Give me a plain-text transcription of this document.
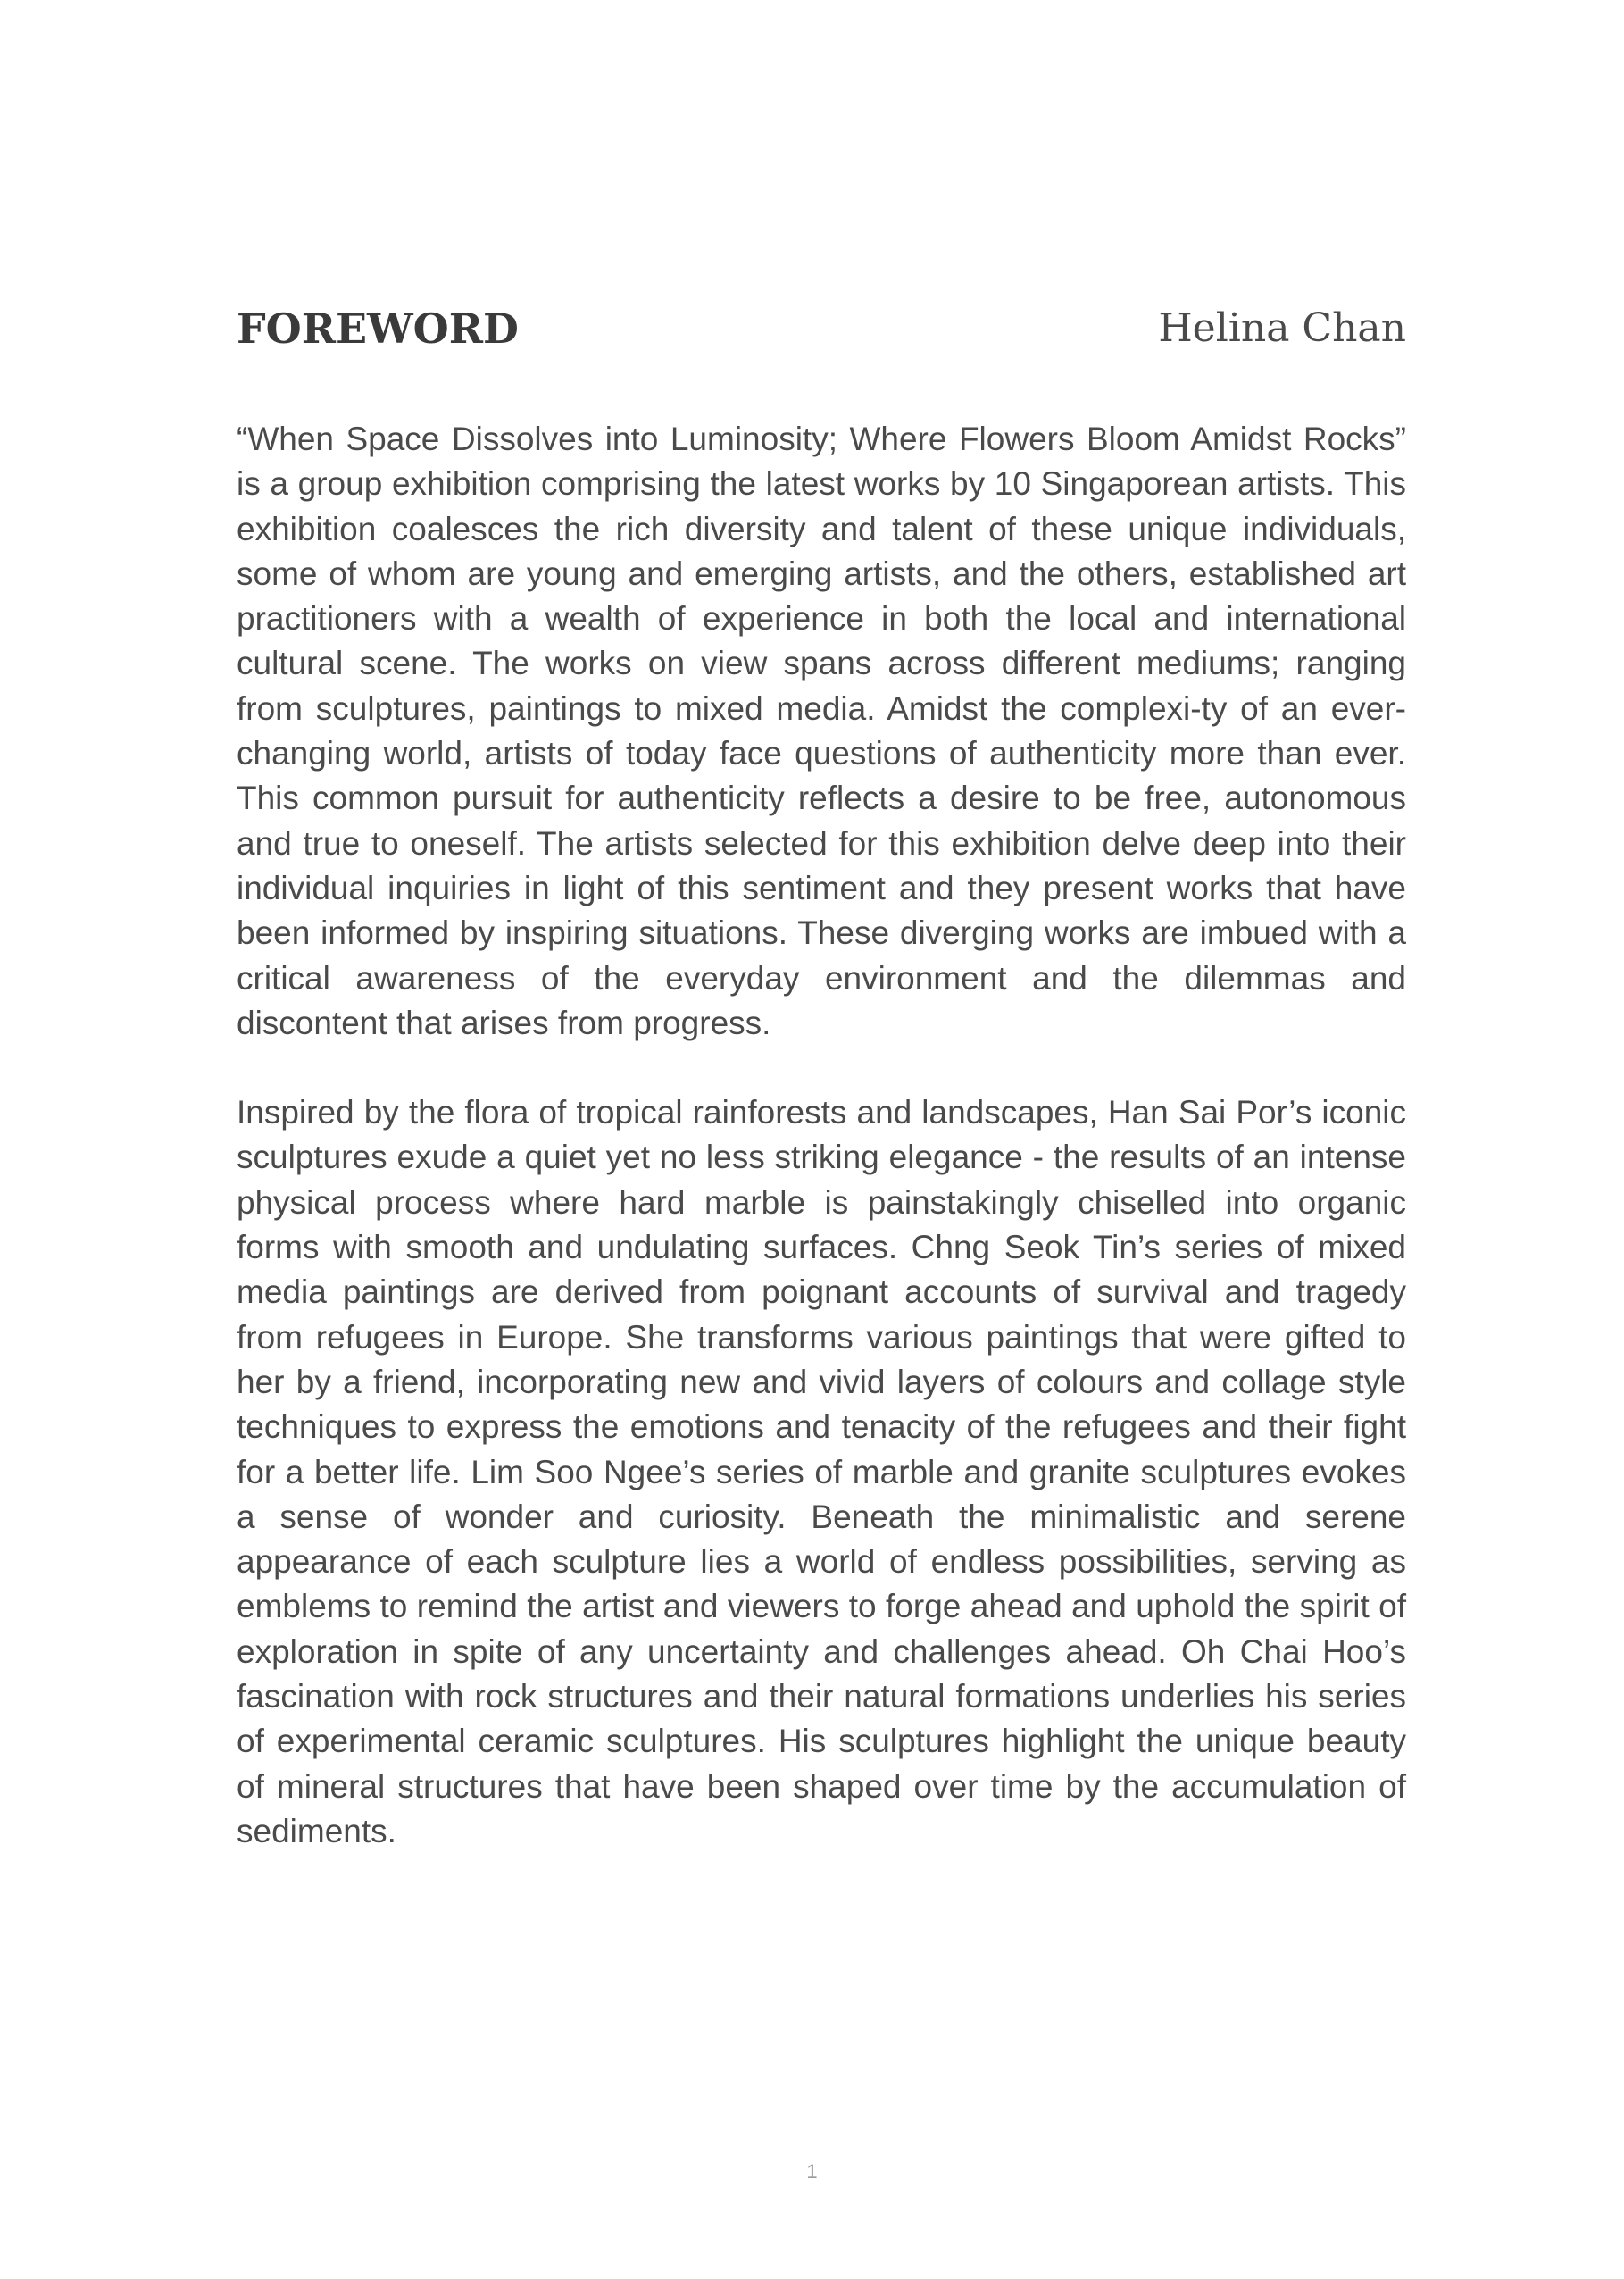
FOREWORD	Helina Chan

“When Space Dissolves into Luminosity; Where Flowers Bloom Amidst Rocks” is a group exhibition comprising the latest works by 10 Singaporean artists. This exhibition coalesces the rich diversity and talent of these unique individuals, some of whom are young and emerging artists, and the others, established art practitioners with a wealth of experience in both the local and international cultural scene. The works on view spans across different mediums; ranging from sculptures, paintings to mixed media. Amidst the complexi-ty of an ever-changing world, artists of today face questions of authenticity more than ever. This common pursuit for authenticity reflects a desire to be free, autonomous and true to oneself. The artists selected for this exhibition delve deep into their individual inquiries in light of this sentiment and they present works that have been informed by inspiring situations. These diverging works are imbued with a critical awareness of the everyday environment and the dilemmas and discontent that arises from progress.

Inspired by the flora of tropical rainforests and landscapes, Han Sai Por’s iconic sculptures exude a quiet yet no less striking elegance - the results of an intense physical process where hard marble is painstakingly chiselled into organic forms with smooth and undulating surfaces. Chng Seok Tin’s series of mixed media paintings are derived from poignant accounts of survival and tragedy from refugees in Europe. She transforms various paintings that were gifted to her by a friend, incorporating new and vivid layers of colours and collage style techniques to express the emotions and tenacity of the refugees and their fight for a better life. Lim Soo Ngee’s series of marble and granite sculptures evokes a sense of wonder and curiosity. Beneath the minimalistic and serene appearance of each sculpture lies a world of endless possibilities, serving as emblems to remind the artist and viewers to forge ahead and uphold the spirit of exploration in spite of any uncertainty and challenges ahead. Oh Chai Hoo’s fascination with rock structures and their natural formations underlies his series of experimental ceramic sculptures. His sculptures highlight the unique beauty of mineral structures that have been shaped over time by the accumulation of sediments.

1
